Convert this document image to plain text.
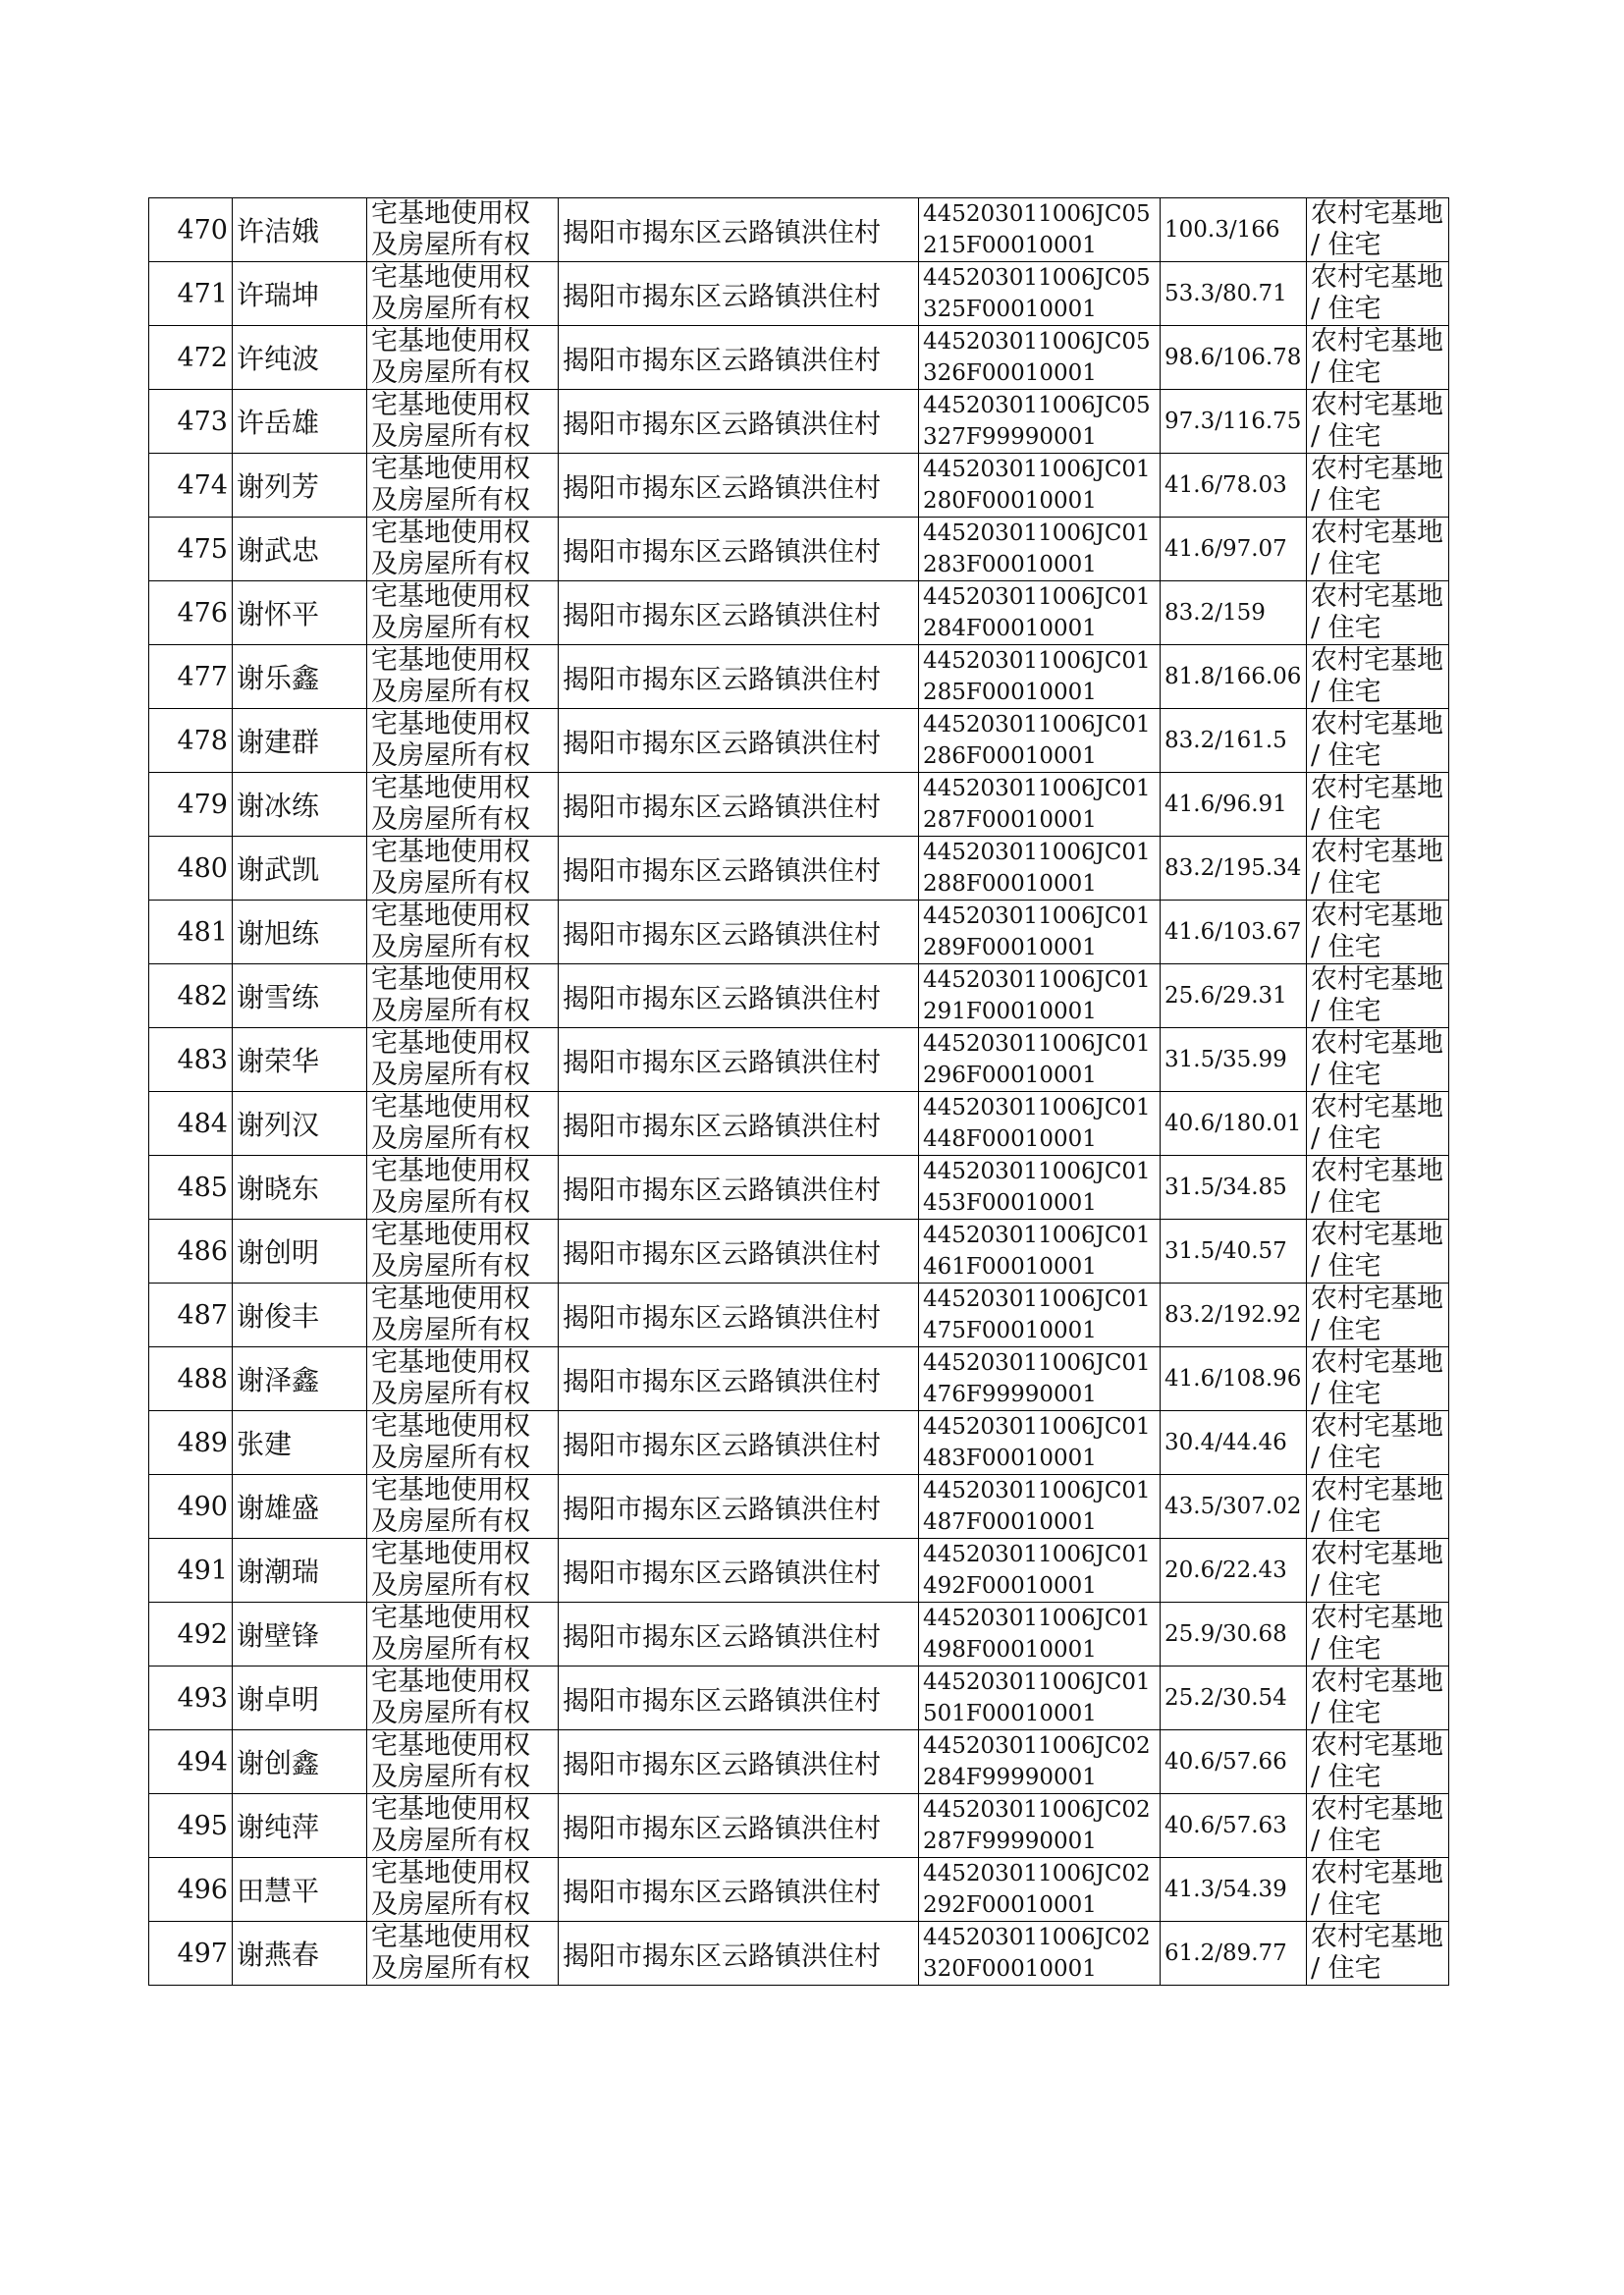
470	许洁娥	宅基地使用权及房屋所有权	揭阳市揭东区云路镇洪住村	445203011006JC05215F00010001	100.3/166	农村宅基地 / 住宅
471	许瑞坤	宅基地使用权及房屋所有权	揭阳市揭东区云路镇洪住村	445203011006JC05325F00010001	53.3/80.71	农村宅基地 / 住宅
472	许纯波	宅基地使用权及房屋所有权	揭阳市揭东区云路镇洪住村	445203011006JC05326F00010001	98.6/106.78	农村宅基地 / 住宅
473	许岳雄	宅基地使用权及房屋所有权	揭阳市揭东区云路镇洪住村	445203011006JC05327F99990001	97.3/116.75	农村宅基地 / 住宅
474	谢列芳	宅基地使用权及房屋所有权	揭阳市揭东区云路镇洪住村	445203011006JC01280F00010001	41.6/78.03	农村宅基地 / 住宅
475	谢武忠	宅基地使用权及房屋所有权	揭阳市揭东区云路镇洪住村	445203011006JC01283F00010001	41.6/97.07	农村宅基地 / 住宅
476	谢怀平	宅基地使用权及房屋所有权	揭阳市揭东区云路镇洪住村	445203011006JC01284F00010001	83.2/159	农村宅基地 / 住宅
477	谢乐鑫	宅基地使用权及房屋所有权	揭阳市揭东区云路镇洪住村	445203011006JC01285F00010001	81.8/166.06	农村宅基地 / 住宅
478	谢建群	宅基地使用权及房屋所有权	揭阳市揭东区云路镇洪住村	445203011006JC01286F00010001	83.2/161.5	农村宅基地 / 住宅
479	谢冰练	宅基地使用权及房屋所有权	揭阳市揭东区云路镇洪住村	445203011006JC01287F00010001	41.6/96.91	农村宅基地 / 住宅
480	谢武凯	宅基地使用权及房屋所有权	揭阳市揭东区云路镇洪住村	445203011006JC01288F00010001	83.2/195.34	农村宅基地 / 住宅
481	谢旭练	宅基地使用权及房屋所有权	揭阳市揭东区云路镇洪住村	445203011006JC01289F00010001	41.6/103.67	农村宅基地 / 住宅
482	谢雪练	宅基地使用权及房屋所有权	揭阳市揭东区云路镇洪住村	445203011006JC01291F00010001	25.6/29.31	农村宅基地 / 住宅
483	谢荣华	宅基地使用权及房屋所有权	揭阳市揭东区云路镇洪住村	445203011006JC01296F00010001	31.5/35.99	农村宅基地 / 住宅
484	谢列汉	宅基地使用权及房屋所有权	揭阳市揭东区云路镇洪住村	445203011006JC01448F00010001	40.6/180.01	农村宅基地 / 住宅
485	谢晓东	宅基地使用权及房屋所有权	揭阳市揭东区云路镇洪住村	445203011006JC01453F00010001	31.5/34.85	农村宅基地 / 住宅
486	谢创明	宅基地使用权及房屋所有权	揭阳市揭东区云路镇洪住村	445203011006JC01461F00010001	31.5/40.57	农村宅基地 / 住宅
487	谢俊丰	宅基地使用权及房屋所有权	揭阳市揭东区云路镇洪住村	445203011006JC01475F00010001	83.2/192.92	农村宅基地 / 住宅
488	谢泽鑫	宅基地使用权及房屋所有权	揭阳市揭东区云路镇洪住村	445203011006JC01476F99990001	41.6/108.96	农村宅基地 / 住宅
489	张建	宅基地使用权及房屋所有权	揭阳市揭东区云路镇洪住村	445203011006JC01483F00010001	30.4/44.46	农村宅基地 / 住宅
490	谢雄盛	宅基地使用权及房屋所有权	揭阳市揭东区云路镇洪住村	445203011006JC01487F00010001	43.5/307.02	农村宅基地 / 住宅
491	谢潮瑞	宅基地使用权及房屋所有权	揭阳市揭东区云路镇洪住村	445203011006JC01492F00010001	20.6/22.43	农村宅基地 / 住宅
492	谢壁锋	宅基地使用权及房屋所有权	揭阳市揭东区云路镇洪住村	445203011006JC01498F00010001	25.9/30.68	农村宅基地 / 住宅
493	谢卓明	宅基地使用权及房屋所有权	揭阳市揭东区云路镇洪住村	445203011006JC01501F00010001	25.2/30.54	农村宅基地 / 住宅
494	谢创鑫	宅基地使用权及房屋所有权	揭阳市揭东区云路镇洪住村	445203011006JC02284F99990001	40.6/57.66	农村宅基地 / 住宅
495	谢纯萍	宅基地使用权及房屋所有权	揭阳市揭东区云路镇洪住村	445203011006JC02287F99990001	40.6/57.63	农村宅基地 / 住宅
496	田慧平	宅基地使用权及房屋所有权	揭阳市揭东区云路镇洪住村	445203011006JC02292F00010001	41.3/54.39	农村宅基地 / 住宅
497	谢燕春	宅基地使用权及房屋所有权	揭阳市揭东区云路镇洪住村	445203011006JC02320F00010001	61.2/89.77	农村宅基地 / 住宅
